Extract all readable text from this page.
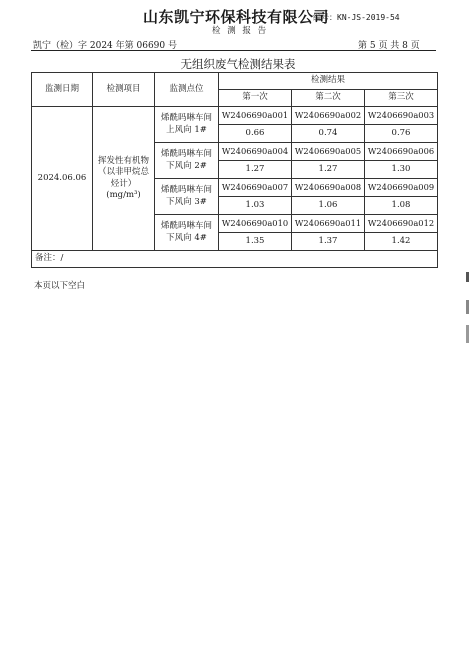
山东凯宁环保科技有限公司
编号：KN-JS-2019-54
检 测 报 告
凯宁（检）字 2024 年第 06690 号	第 5 页 共 8 页
无组织废气检测结果表
监测日期	检测项目	监测点位	检测结果		
			第一次	第二次	第三次
2024.06.06	挥发性有机物（以非甲烷总烃计）(mg/m³)	烯酰吗啉车间上风向 1#	W2406690a001	W2406690a002	W2406690a003
			0.66	0.74	0.76
		烯酰吗啉车间下风向 2#	W2406690a004	W2406690a005	W2406690a006
			1.27	1.27	1.30
		烯酰吗啉车间下风向 3#	W2406690a007	W2406690a008	W2406690a009
			1.03	1.06	1.08
		烯酰吗啉车间下风向 4#	W2406690a010	W2406690a011	W2406690a012
			1.35	1.37	1.42
备注：/					
本页以下空白
